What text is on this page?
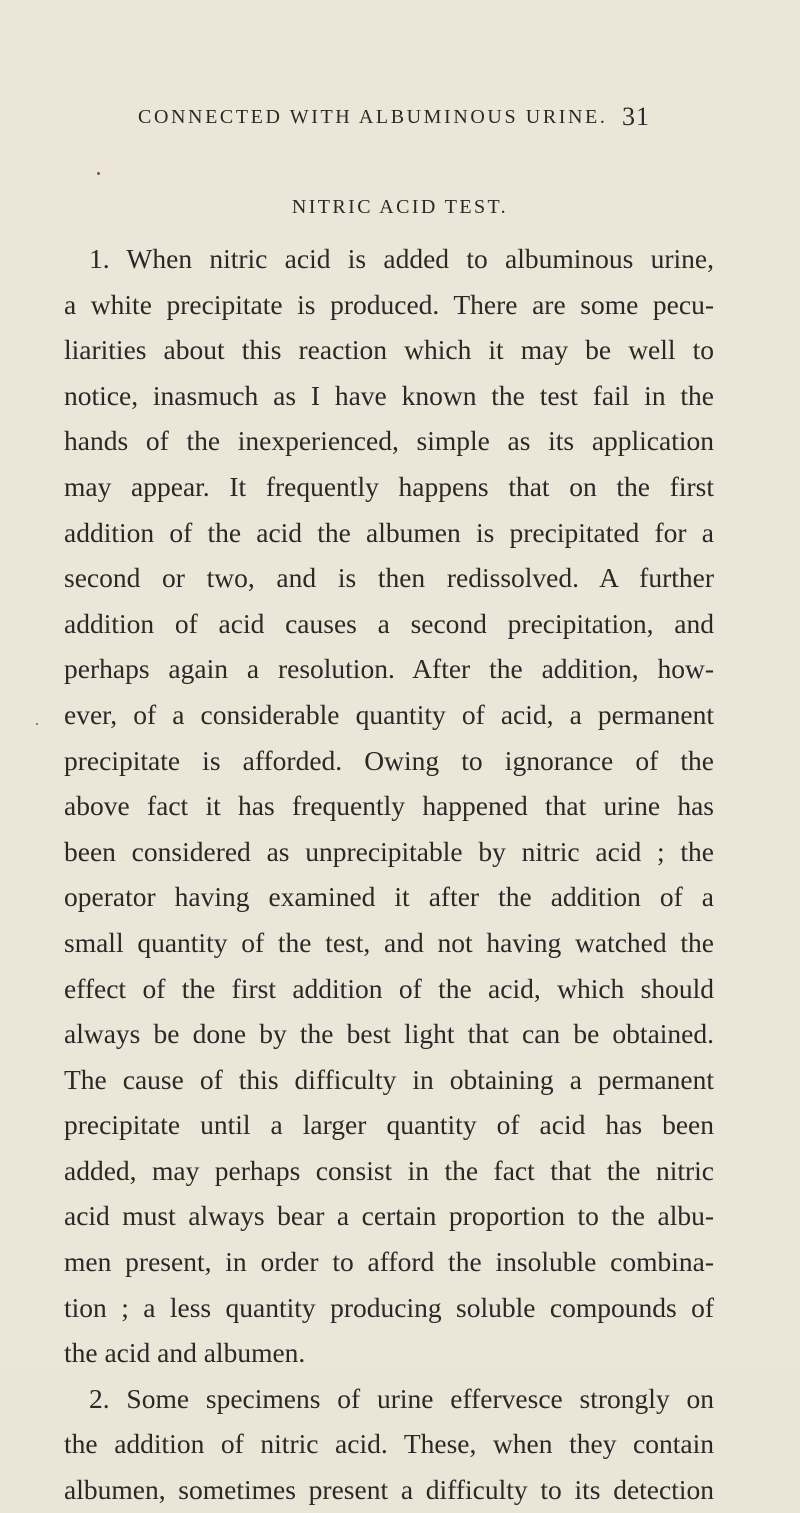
CONNECTED WITH ALBUMINOUS URINE. 31
NITRIC ACID TEST.
1. When nitric acid is added to albuminous urine,
a white precipitate is produced. There are some pecu-
liarities about this reaction which it may be well to
notice, inasmuch as I have known the test fail in the
hands of the inexperienced, simple as its application
may appear. It frequently happens that on the first
addition of the acid the albumen is precipitated for a
second or two, and is then redissolved. A further
addition of acid causes a second precipitation, and
perhaps again a resolution. After the addition, how-
ever, of a considerable quantity of acid, a permanent
precipitate is afforded. Owing to ignorance of the
above fact it has frequently happened that urine has
been considered as unprecipitable by nitric acid ; the
operator having examined it after the addition of a
small quantity of the test, and not having watched the
effect of the first addition of the acid, which should
always be done by the best light that can be obtained.
The cause of this difficulty in obtaining a permanent
precipitate until a larger quantity of acid has been
added, may perhaps consist in the fact that the nitric
acid must always bear a certain proportion to the albu-
men present, in order to afford the insoluble combina-
tion ; a less quantity producing soluble compounds of
the acid and albumen.
2. Some specimens of urine effervesce strongly on
the addition of nitric acid. These, when they contain
albumen, sometimes present a difficulty to its detection
